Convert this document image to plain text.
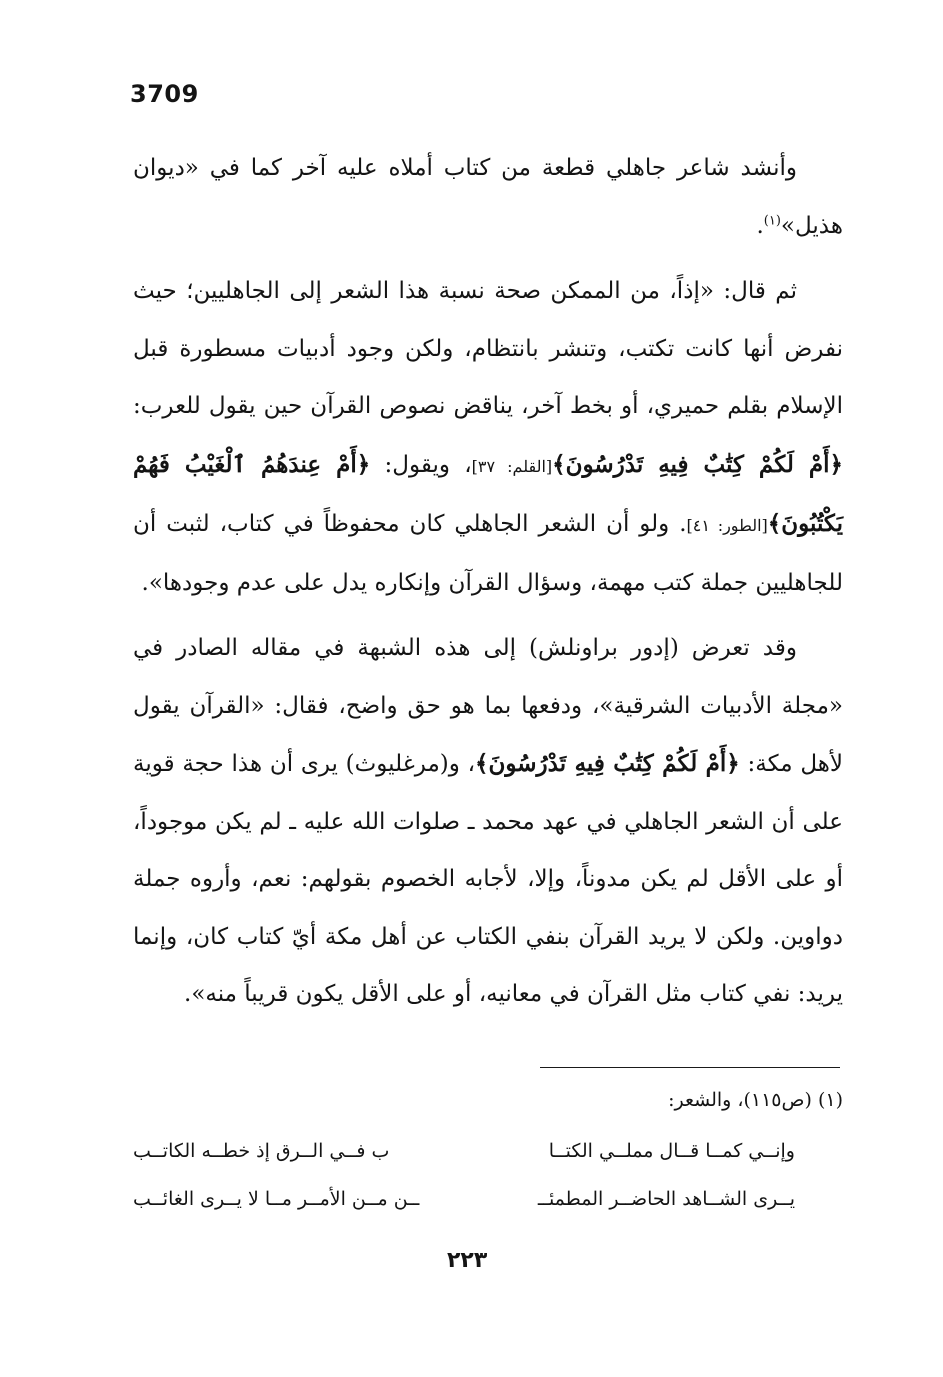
3709

وأنشد شاعر جاهلي قطعة من كتاب أملاه عليه آخر كما في «ديوان هذيل»$^{(١)}$.

ثم قال: «إذاً، من الممكن صحة نسبة هذا الشعر إلى الجاهليين؛ حيث نفرض أنها كانت تكتب، وتنشر بانتظام، ولكن وجود أدبيات مسطورة قبل الإسلام بقلم حميري، أو بخط آخر، يناقض نصوص القرآن حين يقول للعرب: ﴿أَمْ لَكُمْ كِتَٰبٌ فِيهِ تَدْرُسُونَ﴾[القلم: ٣٧]، ويقول: ﴿أَمْ عِندَهُمُ ٱلْغَيْبُ فَهُمْ يَكْتُبُونَ﴾[الطور: ٤١]. ولو أن الشعر الجاهلي كان محفوظاً في كتاب، لثبت أن للجاهليين جملة كتب مهمة، وسؤال القرآن وإنكاره يدل على عدم وجودها».

وقد تعرض (إدور براونلش) إلى هذه الشبهة في مقاله الصادر في «مجلة الأدبيات الشرقية»، ودفعها بما هو حق واضح، فقال: «القرآن يقول لأهل مكة: ﴿أَمْ لَكُمْ كِتَٰبٌ فِيهِ تَدْرُسُونَ﴾، و(مرغليوث) يرى أن هذا حجة قوية على أن الشعر الجاهلي في عهد محمد ـ صلوات الله عليه ـ لم يكن موجوداً، أو على الأقل لم يكن مدوناً، وإلا، لأجابه الخصوم بقولهم: نعم، وأروه جملة دواوين. ولكن لا يريد القرآن بنفي الكتاب عن أهل مكة أيّ كتاب كان، وإنما يريد: نفي كتاب مثل القرآن في معانيه، أو على الأقل يكون قريباً منه».

(١) (ص١١٥)، والشعر:
وإنــي كمــا قــال مملــي الكتــا
ب فــي الــرق إذ خطــه الكاتــب
يــرى الشــاهد الحاضــر المطمئــ
ــن مــن الأمــر مــا لا يــرى الغائــب
٢٢٣
